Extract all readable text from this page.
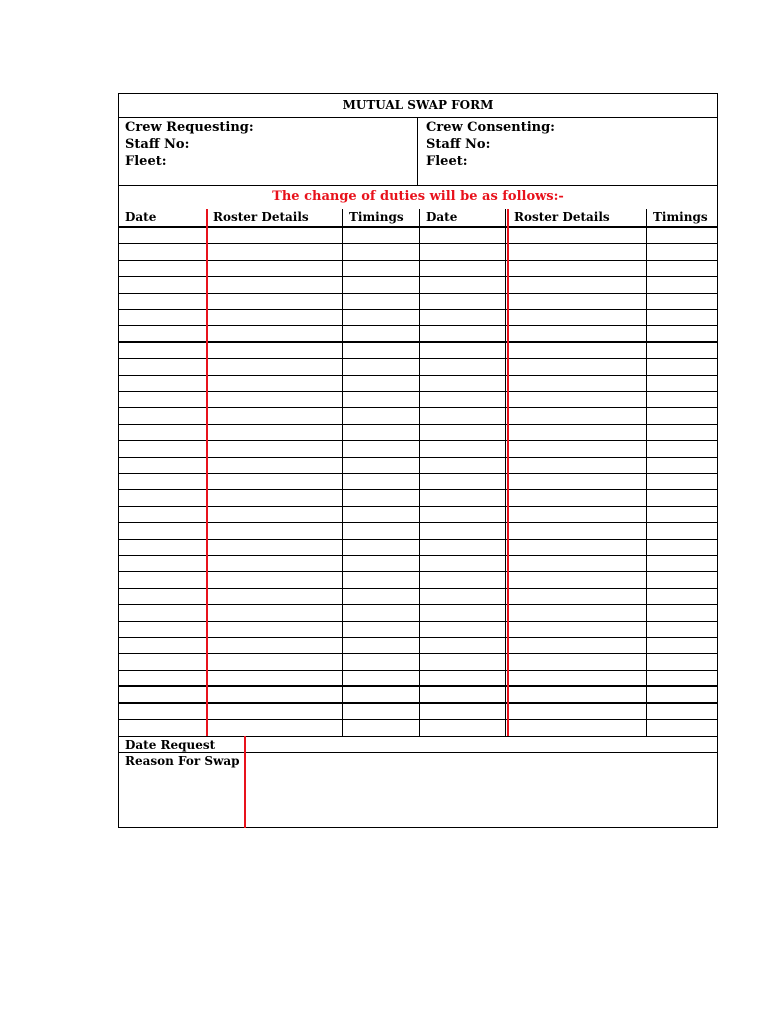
MUTUAL SWAP FORM
Crew Requesting:
Staff No:
Fleet:
Crew Consenting:
Staff No:
Fleet:
The change of duties will be as follows:-
Date	Roster Details	Timings	Date	Roster Details	Timings
Date Request
Reason For Swap
